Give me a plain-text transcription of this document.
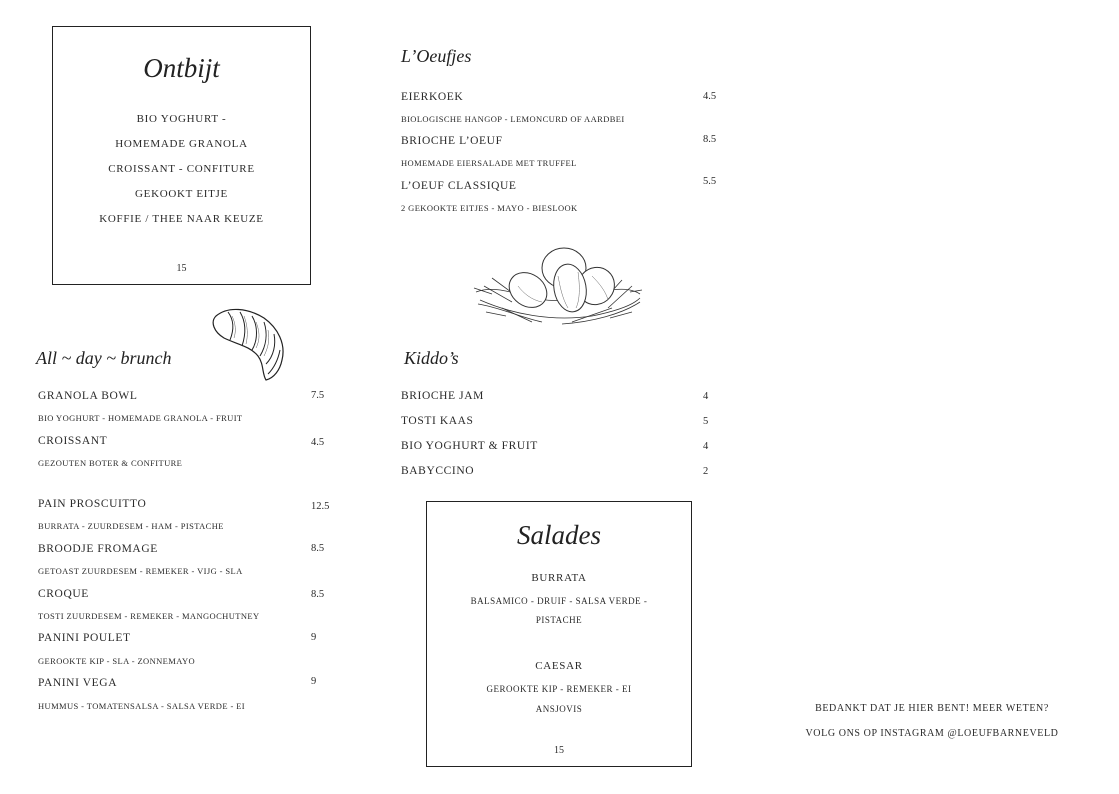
Ontbijt
BIO YOGHURT -
HOMEMADE GRANOLA
CROISSANT - CONFITURE
GEKOOKT EITJE
KOFFIE / THEE NAAR KEUZE
15
L’Oeufjes
EIERKOEK	4.5
BIOLOGISCHE HANGOP - LEMONCURD OF AARDBEI
BRIOCHE L’OEUF	8.5
HOMEMADE EIERSALADE MET TRUFFEL
L’OEUF CLASSIQUE	5.5
2 GEKOOKTE EITJES - MAYO - BIESLOOK
All ~ day ~ brunch
GRANOLA BOWL	7.5
BIO YOGHURT - HOMEMADE GRANOLA - FRUIT
CROISSANT	4.5
GEZOUTEN BOTER & CONFITURE
PAIN PROSCUITTO	12.5
BURRATA - ZUURDESEM - HAM - PISTACHE
BROODJE FROMAGE	8.5
GETOAST ZUURDESEM - REMEKER - VIJG - SLA
CROQUE	8.5
TOSTI ZUURDESEM - REMEKER - MANGOCHUTNEY
PANINI POULET	9
GEROOKTE KIP - SLA - ZONNEMAYO
PANINI VEGA	9
HUMMUS - TOMATENSALSA - SALSA VERDE - EI
Kiddo’s
BRIOCHE JAM	4
TOSTI KAAS	5
BIO YOGHURT & FRUIT	4
BABYCCINO	2
Salades
BURRATA
BALSAMICO - DRUIF - SALSA VERDE -
PISTACHE
CAESAR
GEROOKTE KIP - REMEKER - EI
ANSJOVIS
15
BEDANKT DAT JE HIER BENT! MEER WETEN?
VOLG ONS OP INSTAGRAM @LOEUFBARNEVELD
